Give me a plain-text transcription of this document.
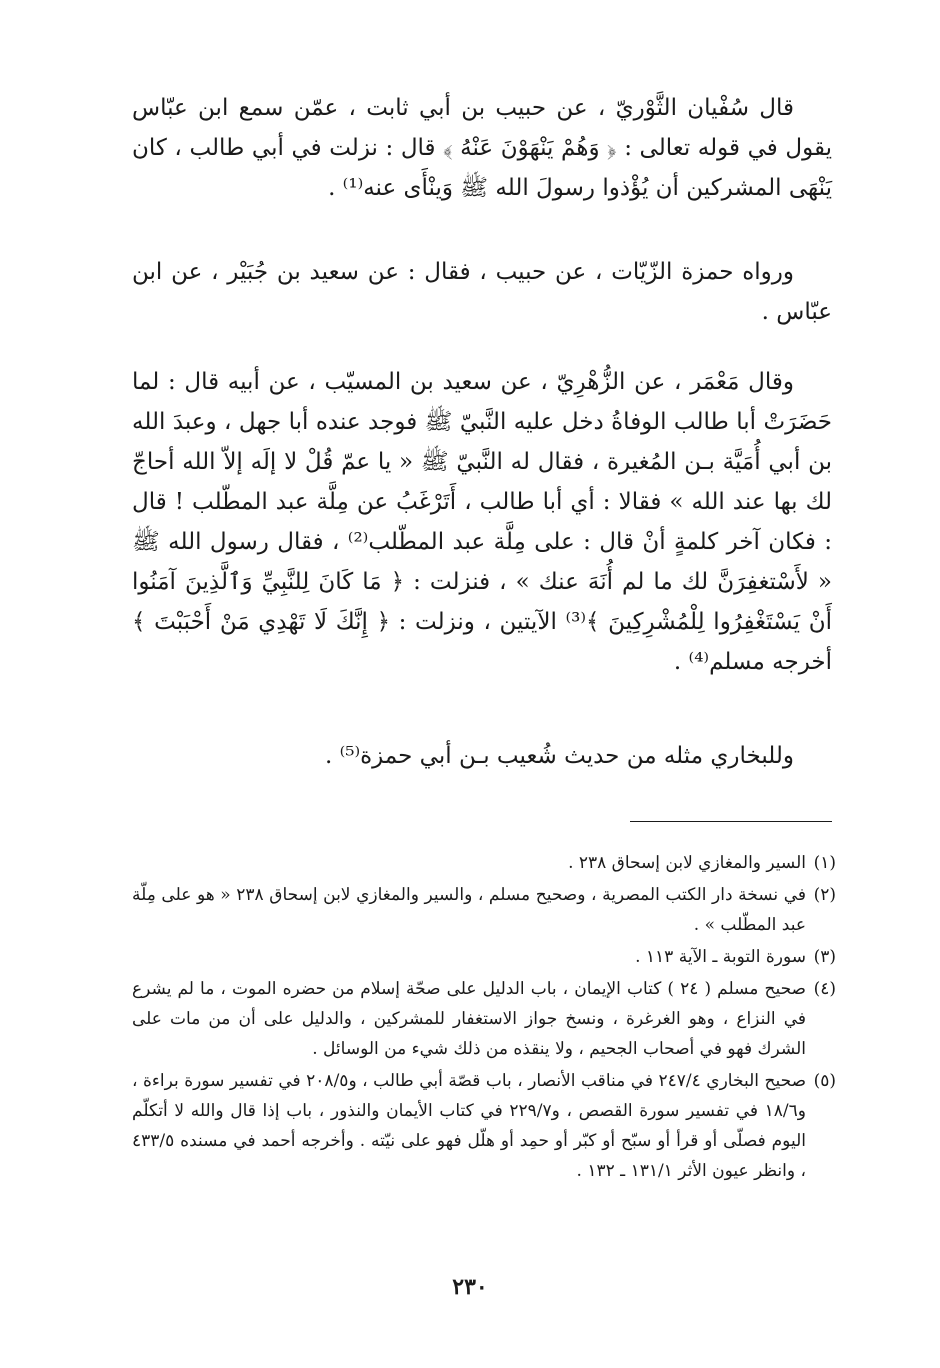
قال سُفْيان الثَّوْريّ ، عن حبيب بن أبي ثابت ، عمّن سمع ابن عبّاس يقول في قوله تعالى : ﴿ وَهُمْ يَنْهَوْنَ عَنْهُ ﴾ قال : نزلت في أبي طالب ، كان يَنْهَى المشركين أن يُؤْذوا رسولَ الله ﷺ وَينْأَى عنه⁽¹⁾ .

ورواه حمزة الزّيّات ، عن حبيب ، فقال : عن سعيد بن جُبَيْر ، عن ابن عبّاس .

وقال مَعْمَر ، عن الزُّهْرِيّ ، عن سعيد بن المسيّب ، عن أبيه قال : لما حَضَرَتْ أبا طالب الوفاةُ دخل عليه النَّبيّ ﷺ فوجد عنده أبا جهل ، وعبدَ الله بن أبي أُمَيَّة بـن المُغيرة ، فقال له النَّبيّ ﷺ « يا عمّ قُلْ لا إلَه إلاّ الله أحاجّ لك بها عند الله » فقالا : أي أبا طالب ، أَتَرْغَبُ عن مِلَّة عبد المطّلب ! قال : فكان آخر كلمةٍ أنْ قال : على مِلَّة عبد المطّلب⁽²⁾ ، فقال رسول الله ﷺ « لأَسْتغفِرَنَّ لك ما لم أُنَهَ عنك » ، فنزلت : ﴿ مَا كَانَ لِلنَّبِيِّ وَٱلَّذِينَ آمَنُوا أَنْ يَسْتَغْفِرُوا لِلْمُشْرِكِينَ ﴾⁽³⁾ الآيتين ، ونزلت : ﴿ إِنَّكَ لَا تَهْدِي مَنْ أَحْبَبْتَ ﴾ أخرجه مسلم⁽⁴⁾ .

وللبخاري مثله من حديث شُعيب بـن أبي حمزة⁽⁵⁾ .

(١)
السير والمغازي لابن إسحاق ٢٣٨ .
(٢)
في نسخة دار الكتب المصرية ، وصحيح مسلم ، والسير والمغازي لابن إسحاق ٢٣٨ « هو على مِلّة عبد المطّلب » .
(٣)
سورة التوبة ـ الآية ١١٣ .
(٤)
صحيح مسلم ( ٢٤ ) كتاب الإيمان ، باب الدليل على صحّة إسلام من حضره الموت ، ما لم يشرع في النزاع ، وهو الغرغرة ، ونسخ جواز الاستغفار للمشركين ، والدليل على أن من مات على الشرك فهو في أصحاب الجحيم ، ولا ينقذه من ذلك شيء من الوسائل .
(٥)
صحيح البخاري ٢٤٧/٤ في مناقب الأنصار ، باب قصّة أبي طالب ، و٢٠٨/٥ في تفسير سورة براءة ، و١٨/٦ في تفسير سورة القصص ، و٢٢٩/٧ في كتاب الأيمان والنذور ، باب إذا قال والله لا أتكلّم اليوم فصلّى أو قرأ أو سبّح أو كبّر أو حمِد أو هلّل فهو على نيّته . وأخرجه أحمد في مسنده ٤٣٣/٥ ، وانظر عيون الأثر ١٣١/١ ـ ١٣٢ .
٢٣٠
